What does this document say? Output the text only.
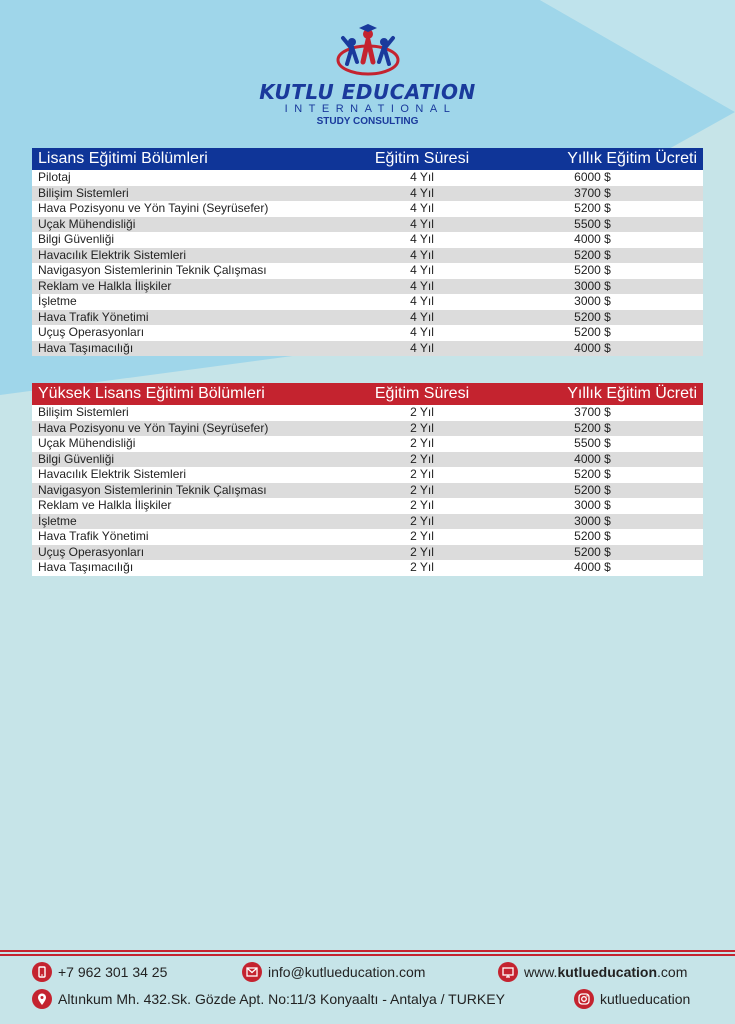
KUTLU EDUCATION
INTERNATIONAL
STUDY CONSULTING
Lisans Eğitimi Bölümleri	Eğitim Süresi	Yıllık Eğitim Ücreti
Pilotaj	4 Yıl	6000 $
Bilişim Sistemleri	4 Yıl	3700 $
Hava Pozisyonu ve Yön Tayini (Seyrüsefer)	4 Yıl	5200 $
Uçak Mühendisliği	4 Yıl	5500 $
Bilgi Güvenliği	4 Yıl	4000 $
Havacılık Elektrik Sistemleri	4 Yıl	5200 $
Navigasyon Sistemlerinin Teknik Çalışması	4 Yıl	5200 $
Reklam ve Halkla İlişkiler	4 Yıl	3000 $
İşletme	4 Yıl	3000 $
Hava Trafik Yönetimi	4 Yıl	5200 $
Uçuş Operasyonları	4 Yıl	5200 $
Hava Taşımacılığı	4 Yıl	4000 $
Yüksek Lisans Eğitimi Bölümleri	Eğitim Süresi	Yıllık Eğitim Ücreti
Bilişim Sistemleri	2 Yıl	3700 $
Hava Pozisyonu ve Yön Tayini (Seyrüsefer)	2 Yıl	5200 $
Uçak Mühendisliği	2 Yıl	5500 $
Bilgi Güvenliği	2 Yıl	4000 $
Havacılık Elektrik Sistemleri	2 Yıl	5200 $
Navigasyon Sistemlerinin Teknik Çalışması	2 Yıl	5200 $
Reklam ve Halkla İlişkiler	2 Yıl	3000 $
İşletme	2 Yıl	3000 $
Hava Trafik Yönetimi	2 Yıl	5200 $
Uçuş Operasyonları	2 Yıl	5200 $
Hava Taşımacılığı	2 Yıl	4000 $
+7 962 301 34 25	info@kutlueducation.com	www.kutlueducation.com
Altınkum Mh. 432.Sk. Gözde Apt. No:11/3 Konyaaltı - Antalya / TURKEY	kutlueducation
